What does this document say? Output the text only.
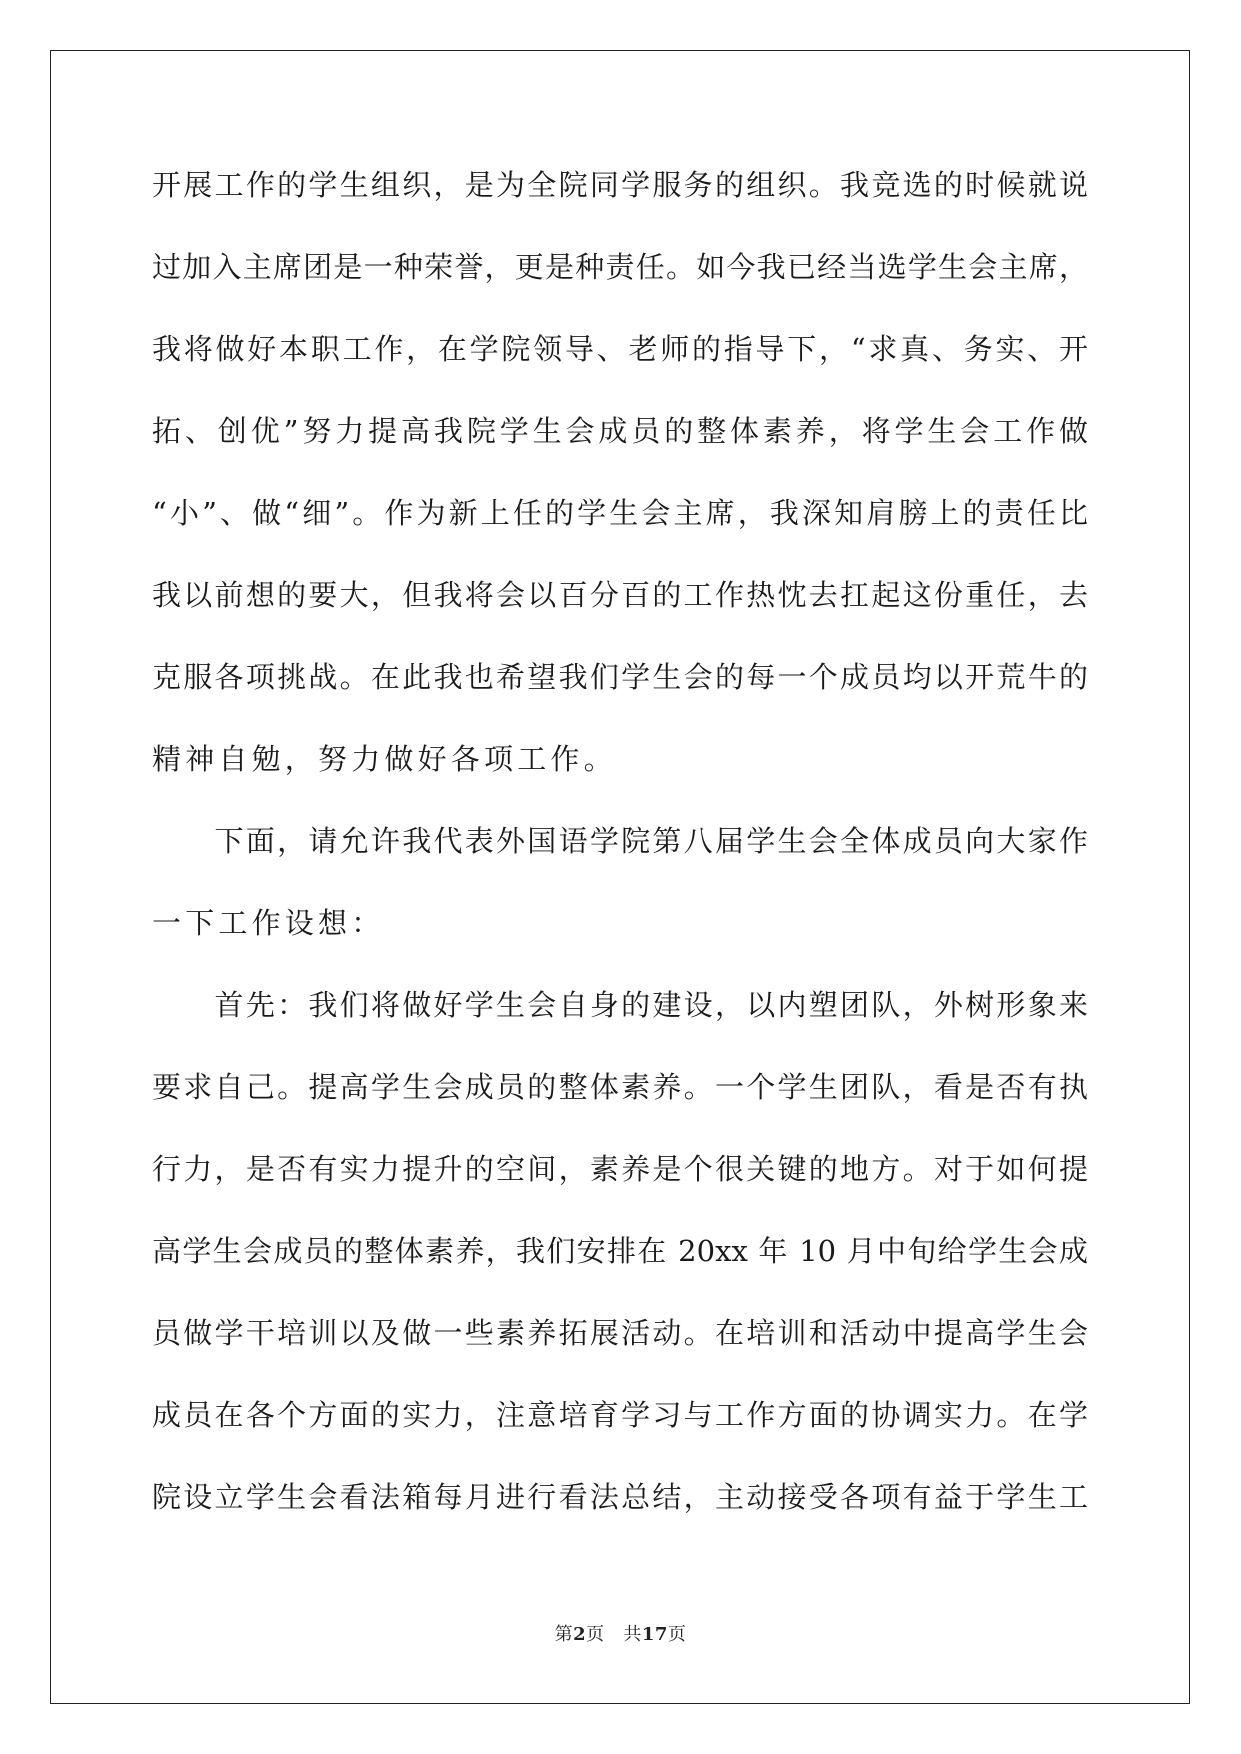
开展工作的学生组织，是为全院同学服务的组织。我竞选的时候就说
过加入主席团是一种荣誉，更是种责任。如今我已经当选学生会主席，
我将做好本职工作，在学院领导、老师的指导下，“求真、务实、开
拓、创优”努力提高我院学生会成员的整体素养，将学生会工作做
“小”、做“细”。作为新上任的学生会主席，我深知肩膀上的责任比
我以前想的要大，但我将会以百分百的工作热忱去扛起这份重任，去
克服各项挑战。在此我也希望我们学生会的每一个成员均以开荒牛的
精神自勉，努力做好各项工作。
　　下面，请允许我代表外国语学院第八届学生会全体成员向大家作
一下工作设想：
　　首先：我们将做好学生会自身的建设，以内塑团队，外树形象来
要求自己。提高学生会成员的整体素养。一个学生团队，看是否有执
行力，是否有实力提升的空间，素养是个很关键的地方。对于如何提
高学生会成员的整体素养，我们安排在 20xx 年 10 月中旬给学生会成
员做学干培训以及做一些素养拓展活动。在培训和活动中提高学生会
成员在各个方面的实力，注意培育学习与工作方面的协调实力。在学
院设立学生会看法箱每月进行看法总结，主动接受各项有益于学生工
第2页 共17页
